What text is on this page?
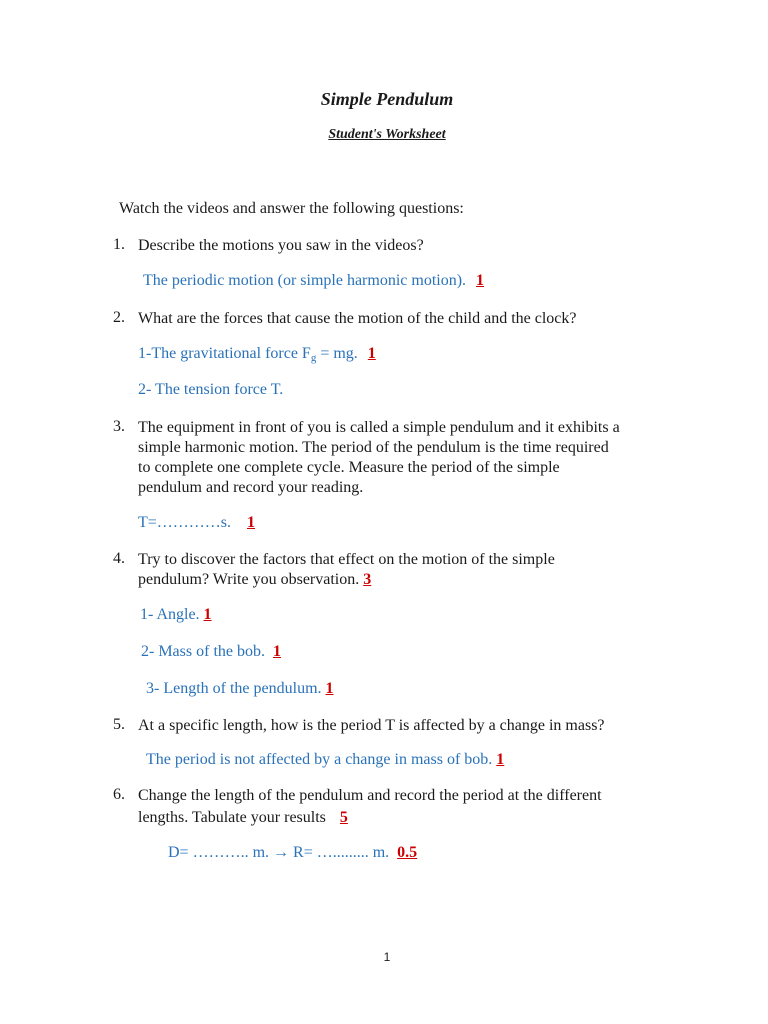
Simple Pendulum
Student's Worksheet
Watch the videos and answer the following questions:
1. Describe the motions you saw in the videos?
The periodic motion (or simple harmonic motion). 1
2. What are the forces that cause the motion of the child and the clock?
1-The gravitational force $F_g$ = mg. 1
2- The tension force T.
3. The equipment in front of you is called a simple pendulum and it exhibits a
simple harmonic motion. The period of the pendulum is the time required
to complete one complete cycle. Measure the period of the simple
pendulum and record your reading.
T=…………s. 1
4. Try to discover the factors that effect on the motion of the simple
pendulum? Write you observation. 3
1- Angle. 1
2- Mass of the bob. 1
3- Length of the pendulum. 1
5. At a specific length, how is the period T is affected by a change in mass?
The period is not affected by a change in mass of bob. 1
6. Change the length of the pendulum and record the period at the different
lengths. Tabulate your results 5
D= ……….. m. → R= …......... m. 0.5
1
